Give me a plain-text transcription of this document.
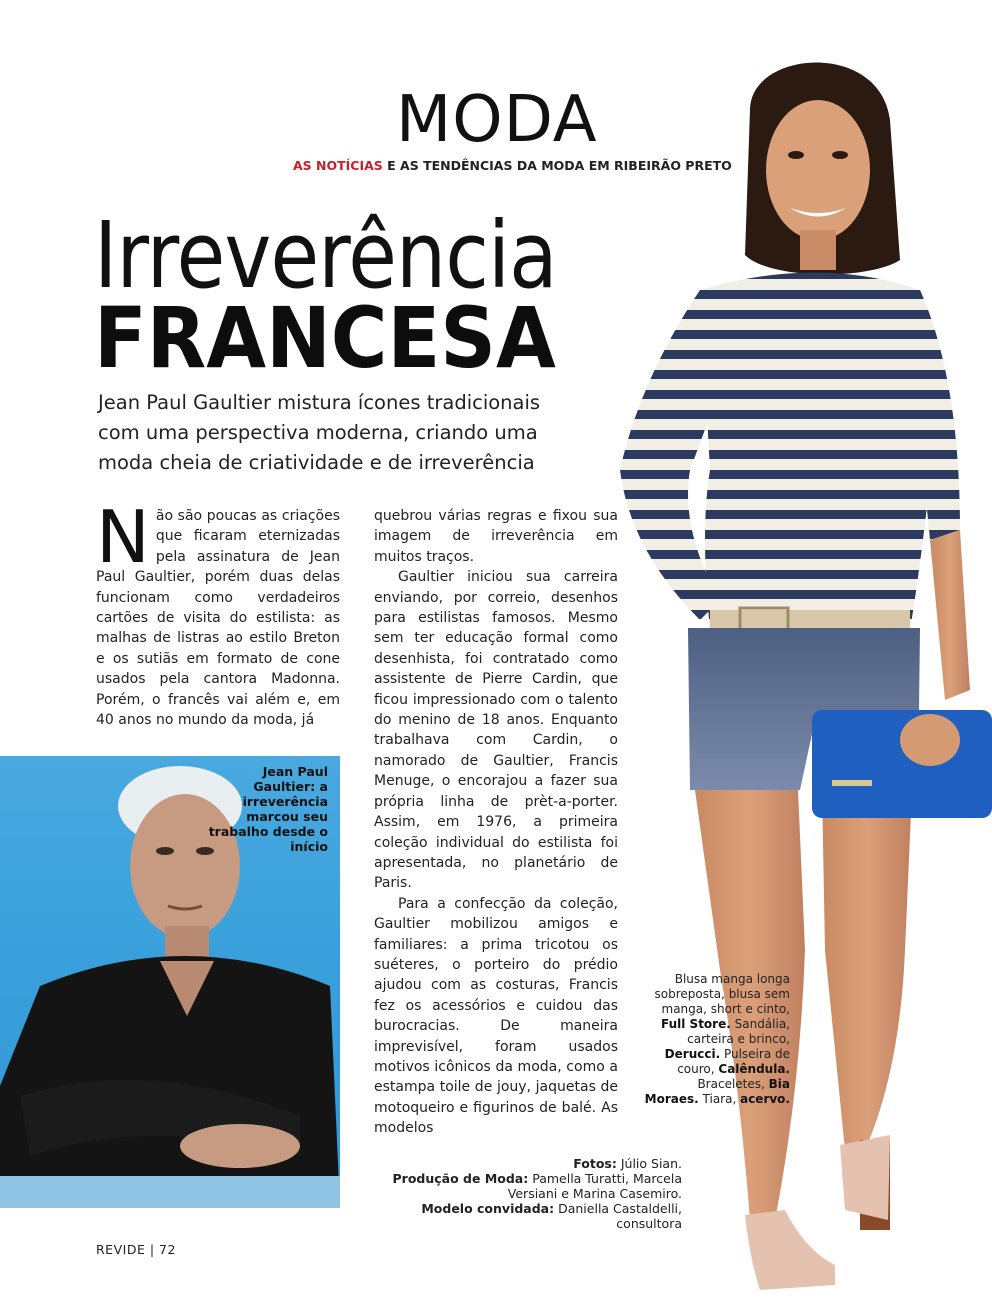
MODA
AS NOTÍCIAS E AS TENDÊNCIAS DA MODA EM RIBEIRÃO PRETO
Irreverência
FRANCESA
Jean Paul Gaultier mistura ícones tradicionais com uma perspectiva moderna, criando uma moda cheia de criatividade e de irreverência
N ão são poucas as criações que ficaram eternizadas pela assinatura de Jean Paul Gaultier, porém duas delas funcionam como verdadeiros cartões de visita do estilista: as malhas de listras ao estilo Breton e os sutiãs em formato de cone usados pela cantora Madonna. Porém, o francês vai além e, em 40 anos no mundo da moda, já

quebrou várias regras e fixou sua imagem de irreverência em muitos traços.

Gaultier iniciou sua carreira enviando, por correio, desenhos para estilistas famosos. Mesmo sem ter educação formal como desenhista, foi contratado como assistente de Pierre Cardin, que ficou impressionado com o talento do menino de 18 anos. Enquanto trabalhava com Cardin, o namorado de Gaultier, Francis Menuge, o encorajou a fazer sua própria linha de prèt-a-porter. Assim, em 1976, a primeira coleção individual do estilista foi apresentada, no planetário de Paris.

Para a confecção da coleção, Gaultier mobilizou amigos e familiares: a prima tricotou os suéteres, o porteiro do prédio ajudou com as costuras, Francis fez os acessórios e cuidou das burocracias. De maneira imprevisível, foram usados motivos icônicos da moda, como a estampa toile de jouy, jaquetas de motoqueiro e figurinos de balé. As modelos

Jean Paul Gaultier: a irreverência marcou seu trabalho desde o início
Blusa manga longa sobreposta, blusa sem manga, short e cinto, Full Store. Sandália, carteira e brinco, Derucci. Pulseira de couro, Calêndula. Braceletes, Bia Moraes. Tiara, acervo.
Fotos: Júlio Sian.
Produção de Moda: Pamella Turatti, Marcela Versiani e Marina Casemiro.
Modelo convidada: Daniella Castaldelli, consultora
REVIDE | 72
